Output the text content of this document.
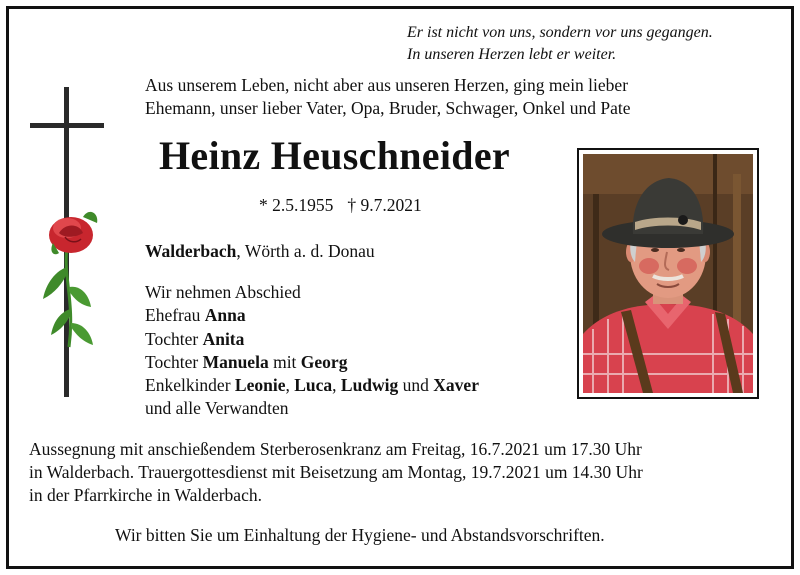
Er ist nicht von uns, sondern vor uns gegangen.
In unseren Herzen lebt er weiter.
Aus unserem Leben, nicht aber aus unseren Herzen, ging mein lieber
Ehemann, unser lieber Vater, Opa, Bruder, Schwager, Onkel und Pate
Heinz Heuschneider
* 2.5.1955 † 9.7.2021
Walderbach, Wörth a. d. Donau
Wir nehmen Abschied
Ehefrau Anna
Tochter Anita
Tochter Manuela mit Georg
Enkelkinder Leonie, Luca, Ludwig und Xaver
und alle Verwandten
Aussegnung mit anschießendem Sterberosenkranz am Freitag, 16.7.2021 um 17.30 Uhr
in Walderbach. Trauergottesdienst mit Beisetzung am Montag, 19.7.2021 um 14.30 Uhr
in der Pfarrkirche in Walderbach.
Wir bitten Sie um Einhaltung der Hygiene- und Abstandsvorschriften.
